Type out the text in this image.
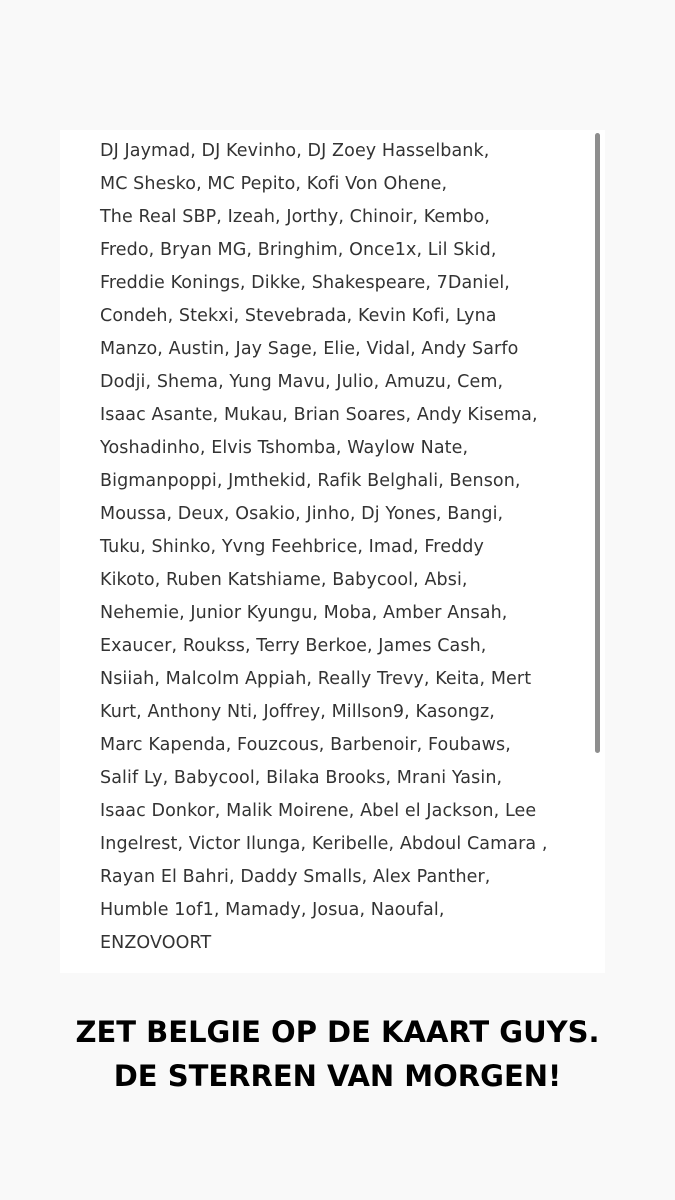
DJ Jaymad, DJ Kevinho, DJ Zoey Hasselbank,
MC Shesko, MC Pepito, Kofi Von Ohene,
The Real SBP, Izeah, Jorthy, Chinoir, Kembo,
Fredo, Bryan MG, Bringhim, Once1x, Lil Skid,
Freddie Konings, Dikke, Shakespeare, 7Daniel,
Condeh, Stekxi, Stevebrada, Kevin Kofi, Lyna
Manzo, Austin, Jay Sage, Elie, Vidal, Andy Sarfo
Dodji, Shema, Yung Mavu, Julio, Amuzu, Cem,
Isaac Asante, Mukau, Brian Soares, Andy Kisema,
Yoshadinho, Elvis Tshomba, Waylow Nate,
Bigmanpoppi, Jmthekid, Rafik Belghali, Benson,
Moussa, Deux, Osakio, Jinho, Dj Yones, Bangi,
Tuku, Shinko, Yvng Feehbrice, Imad, Freddy
Kikoto, Ruben Katshiame, Babycool, Absi,
Nehemie, Junior Kyungu, Moba, Amber Ansah,
Exaucer, Roukss, Terry Berkoe, James Cash,
Nsiiah, Malcolm Appiah, Really Trevy, Keita, Mert
Kurt, Anthony Nti, Joffrey, Millson9, Kasongz,
Marc Kapenda, Fouzcous, Barbenoir, Foubaws,
Salif Ly, Babycool, Bilaka Brooks, Mrani Yasin,
Isaac Donkor, Malik Moirene, Abel el Jackson, Lee
Ingelrest, Victor Ilunga, Keribelle, Abdoul Camara ,
Rayan El Bahri, Daddy Smalls, Alex Panther,
Humble 1of1, Mamady, Josua, Naoufal,
ENZOVOORT
ZET BELGIE OP DE KAART GUYS.
DE STERREN VAN MORGEN!
